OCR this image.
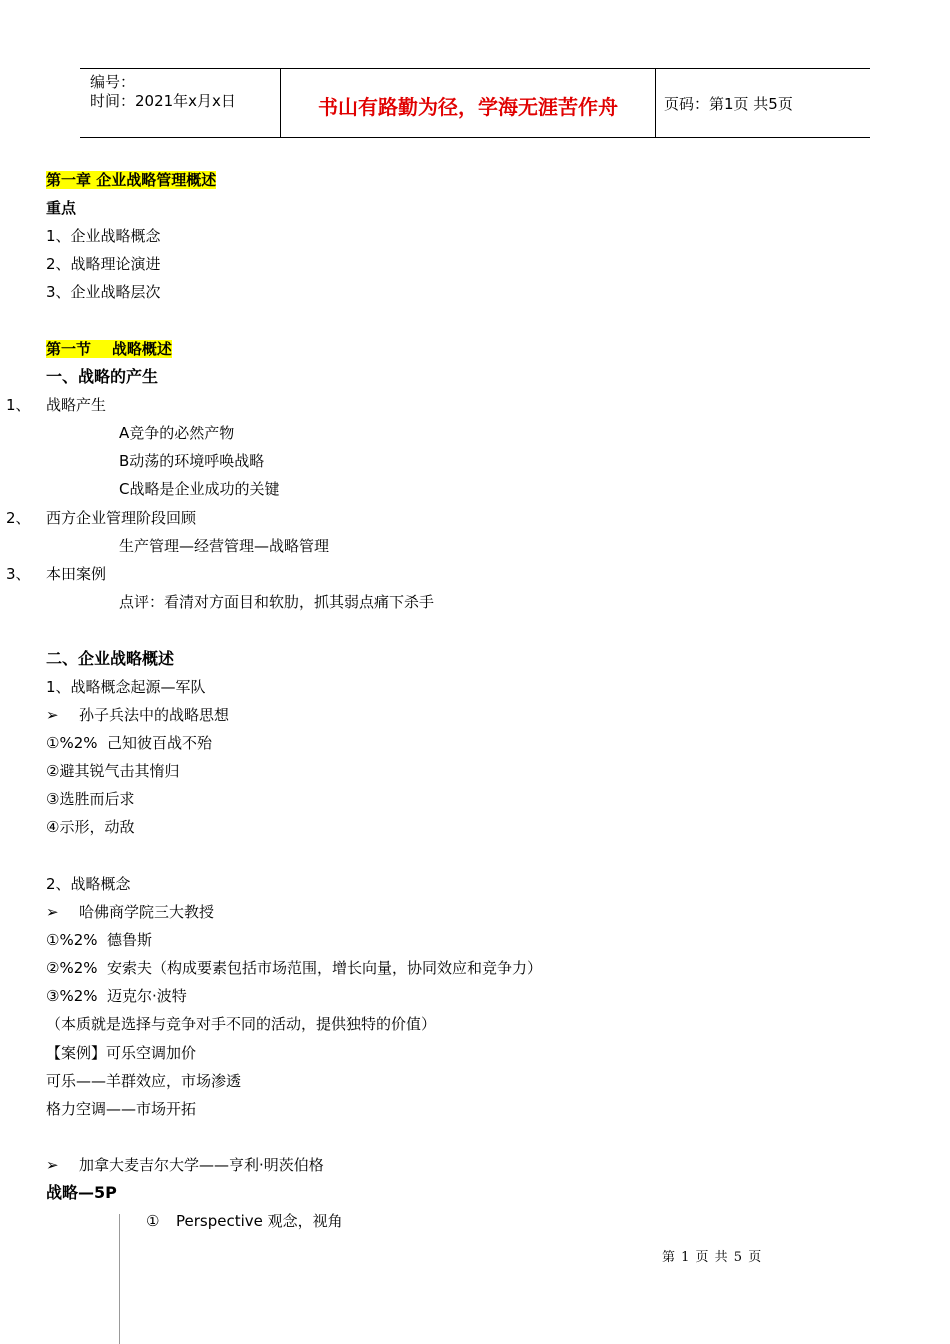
编号：
时间：2021年x月x日	书山有路勤为径，学海无涯苦作舟	页码：第1页 共5页
第一章 企业战略管理概述
重点
1、企业战略概念
2、战略理论演进
3、企业战略层次
第一节    战略概述
一、战略的产生
1、 战略产生
A竞争的必然产物
B动荡的环境呼唤战略
C战略是企业成功的关键
2、 西方企业管理阶段回顾
生产管理—经营管理—战略管理
3、 本田案例
点评：看清对方面目和软肋，抓其弱点痛下杀手
二、企业战略概述
1、战略概念起源—军队
➢ 孙子兵法中的战略思想
①%2%  己知彼百战不殆
②避其锐气击其惰归
③选胜而后求
④示形，动敌
2、战略概念
➢ 哈佛商学院三大教授
①%2%  德鲁斯
②%2%  安索夫（构成要素包括市场范围，增长向量，协同效应和竞争力）
③%2%  迈克尔·波特
（本质就是选择与竞争对手不同的活动，提供独特的价值）
【案例】可乐空调加价
可乐——羊群效应，市场渗透
格力空调——市场开拓
➢ 加拿大麦吉尔大学——亨利·明茨伯格
战略—5P
① Perspective 观念，视角
第 1 页 共 5 页
